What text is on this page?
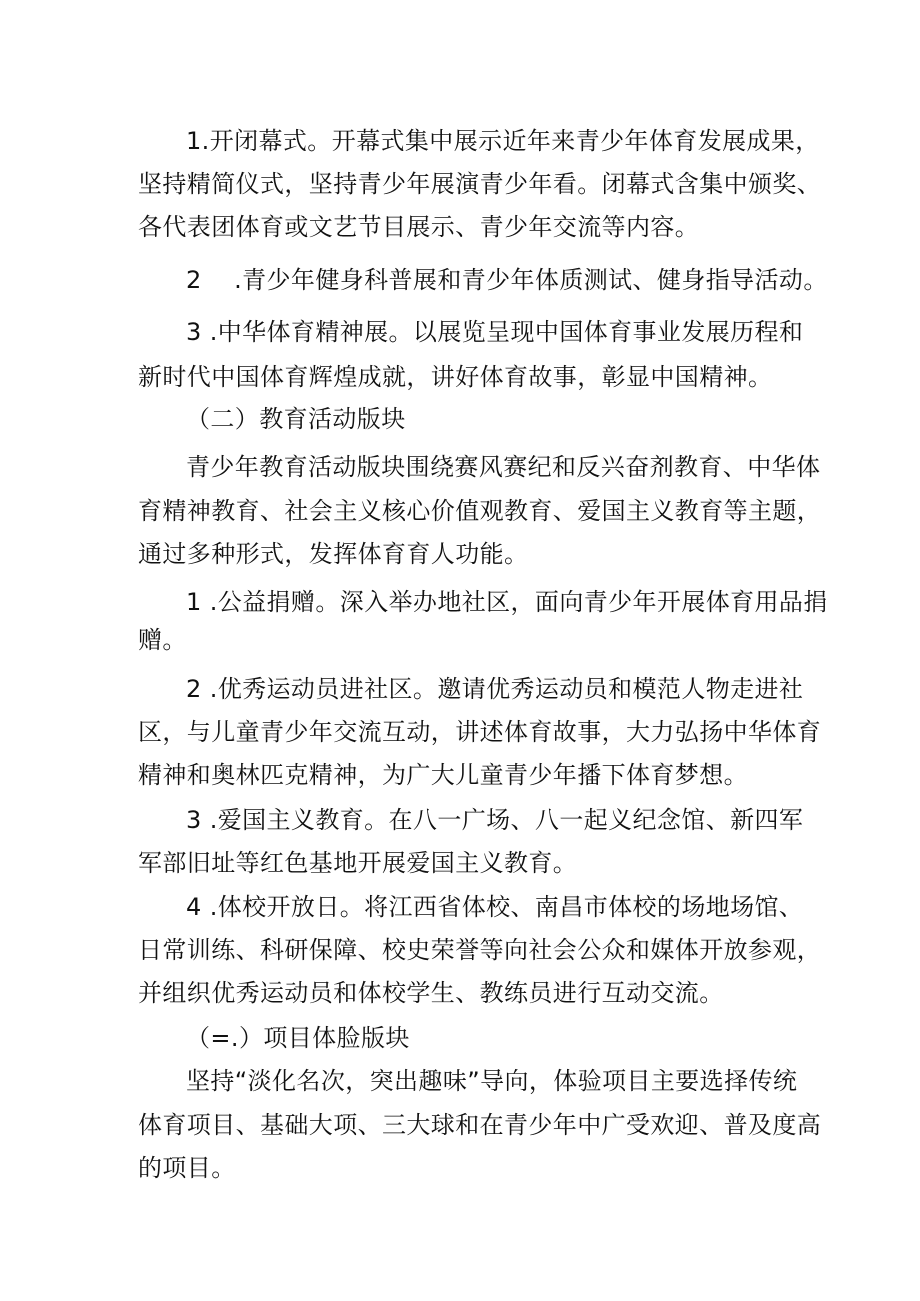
1.开闭幕式。开幕式集中展示近年来青少年体育发展成果，
坚持精简仪式，坚持青少年展演青少年看。闭幕式含集中颁奖、
各代表团体育或文艺节目展示、青少年交流等内容。
2　 .青少年健身科普展和青少年体质测试、健身指导活动。
3 .中华体育精神展。以展览呈现中国体育事业发展历程和
新时代中国体育辉煌成就，讲好体育故事，彰显中国精神。
（二）教育活动版块
青少年教育活动版块围绕赛风赛纪和反兴奋剂教育、中华体
育精神教育、社会主义核心价值观教育、爱国主义教育等主题，
通过多种形式，发挥体育育人功能。
1 .公益捐赠。深入举办地社区，面向青少年开展体育用品捐
赠。
2 .优秀运动员进社区。邀请优秀运动员和模范人物走进社
区，与儿童青少年交流互动，讲述体育故事，大力弘扬中华体育
精神和奥林匹克精神，为广大儿童青少年播下体育梦想。
3 .爱国主义教育。在八一广场、八一起义纪念馆、新四军
军部旧址等红色基地开展爱国主义教育。
4 .体校开放日。将江西省体校、南昌市体校的场地场馆、
日常训练、科研保障、校史荣誉等向社会公众和媒体开放参观，
并组织优秀运动员和体校学生、教练员进行互动交流。
（=.）项目体脸版块
坚持“淡化名次，突出趣味”导向，体验项目主要选择传统
体育项目、基础大项、三大球和在青少年中广受欢迎、普及度高
的项目。
